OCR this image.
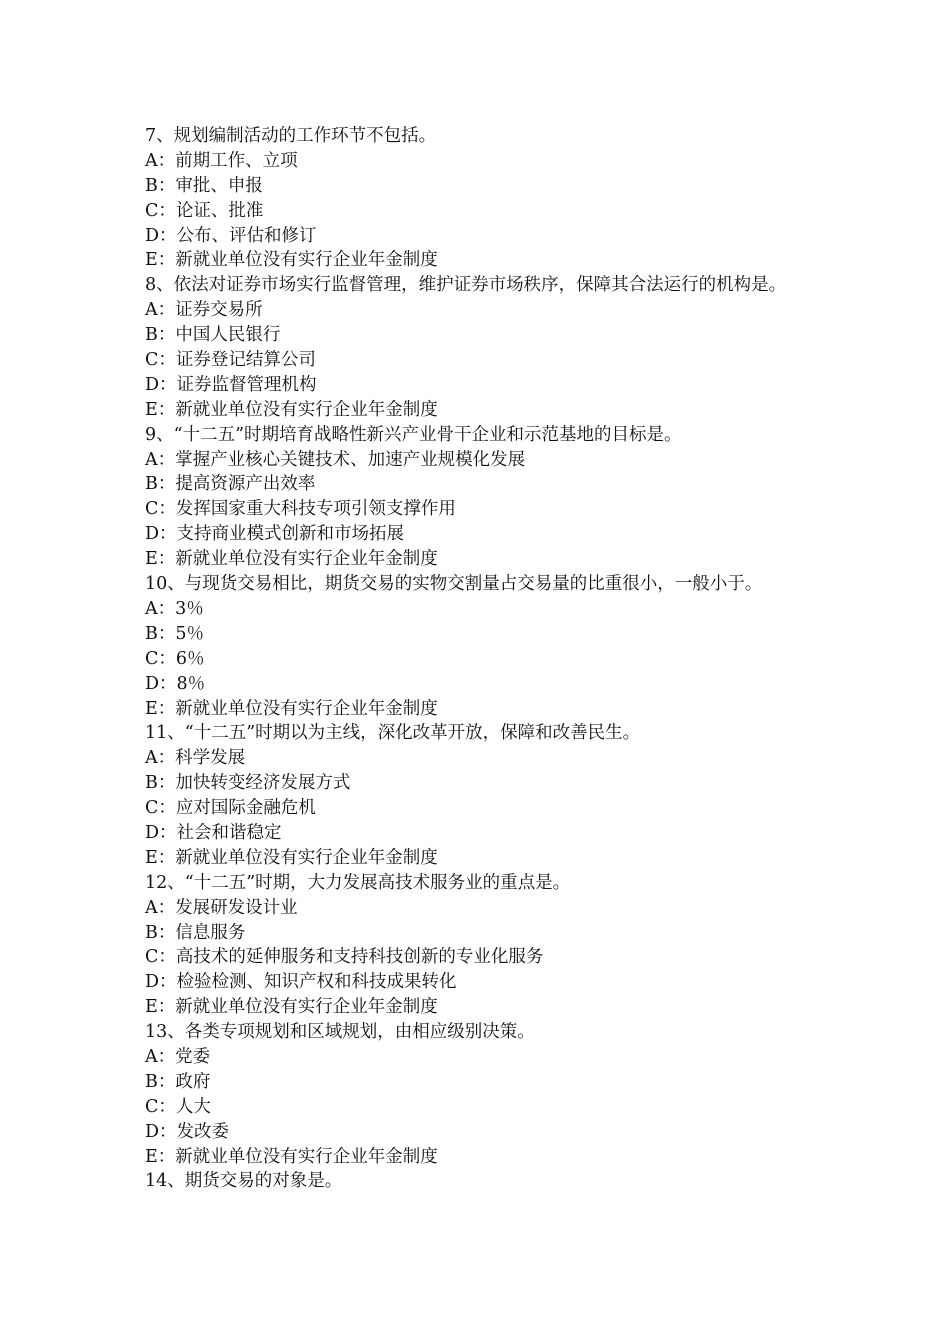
7、规划编制活动的工作环节不包括。
A：前期工作、立项
B：审批、申报
C：论证、批准
D：公布、评估和修订
E：新就业单位没有实行企业年金制度
8、依法对证券市场实行监督管理，维护证券市场秩序，保障其合法运行的机构是。
A：证券交易所
B：中国人民银行
C：证券登记结算公司
D：证券监督管理机构
E：新就业单位没有实行企业年金制度
9、“十二五”时期培育战略性新兴产业骨干企业和示范基地的目标是。
A：掌握产业核心关键技术、加速产业规模化发展
B：提高资源产出效率
C：发挥国家重大科技专项引领支撑作用
D：支持商业模式创新和市场拓展
E：新就业单位没有实行企业年金制度
10、与现货交易相比，期货交易的实物交割量占交易量的比重很小，一般小于。
A：3％
B：5％
C：6％
D：8％
E：新就业单位没有实行企业年金制度
11、“十二五”时期以为主线，深化改革开放，保障和改善民生。
A：科学发展
B：加快转变经济发展方式
C：应对国际金融危机
D：社会和谐稳定
E：新就业单位没有实行企业年金制度
12、“十二五”时期，大力发展高技术服务业的重点是。
A：发展研发设计业
B：信息服务
C：高技术的延伸服务和支持科技创新的专业化服务
D：检验检测、知识产权和科技成果转化
E：新就业单位没有实行企业年金制度
13、各类专项规划和区域规划，由相应级别决策。
A：党委
B：政府
C：人大
D：发改委
E：新就业单位没有实行企业年金制度
14、期货交易的对象是。
